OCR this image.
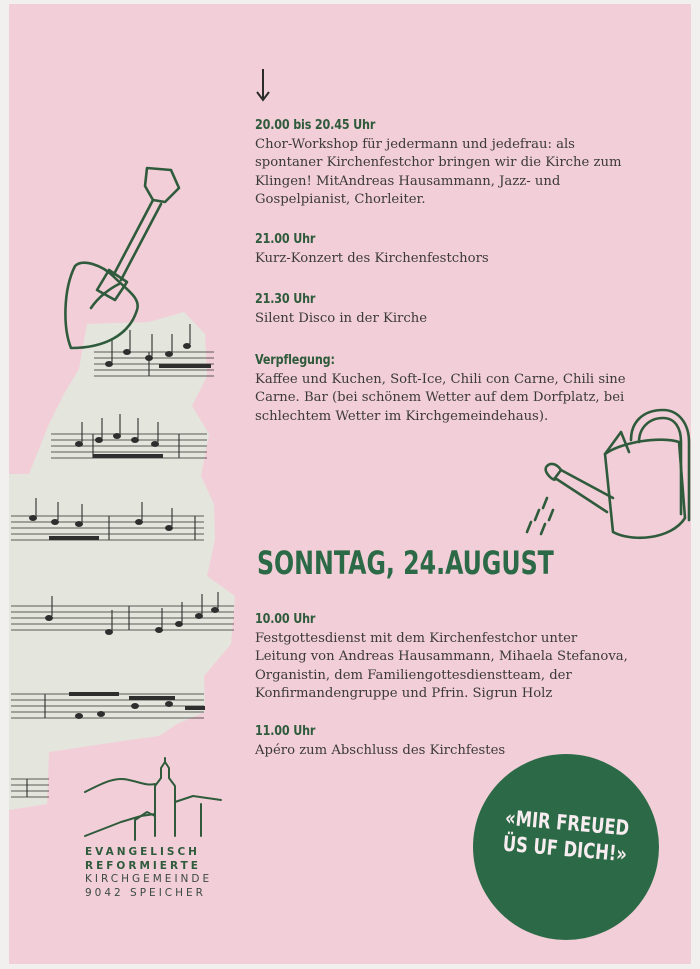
20.00 bis 20.45 Uhr
Chor-Workshop für jedermann und jedefrau: als
spontaner Kirchenfestchor bringen wir die Kirche zum
Klingen! MitAndreas Hausammann, Jazz- und
Gospelpianist, Chorleiter.
21.00 Uhr
Kurz-Konzert des Kirchenfestchors
21.30 Uhr
Silent Disco in der Kirche
Verpflegung:
Kaffee und Kuchen, Soft-Ice, Chili con Carne, Chili sine
Carne. Bar (bei schönem Wetter auf dem Dorfplatz, bei
schlechtem Wetter im Kirchgemeindehaus).
SONNTAG, 24.AUGUST
10.00 Uhr
Festgottesdienst mit dem Kirchenfestchor unter
Leitung von Andreas Hausammann, Mihaela Stefanova,
Organistin, dem Familiengottesdienstteam, der
Konfirmandengruppe und Pfrin. Sigrun Holz
11.00 Uhr
Apéro zum Abschluss des Kirchfestes
EVANGELISCH
REFORMIERTE
KIRCHGEMEINDE
9042 SPEICHER
«MIR FREUED
ÜS UF DICH!»
